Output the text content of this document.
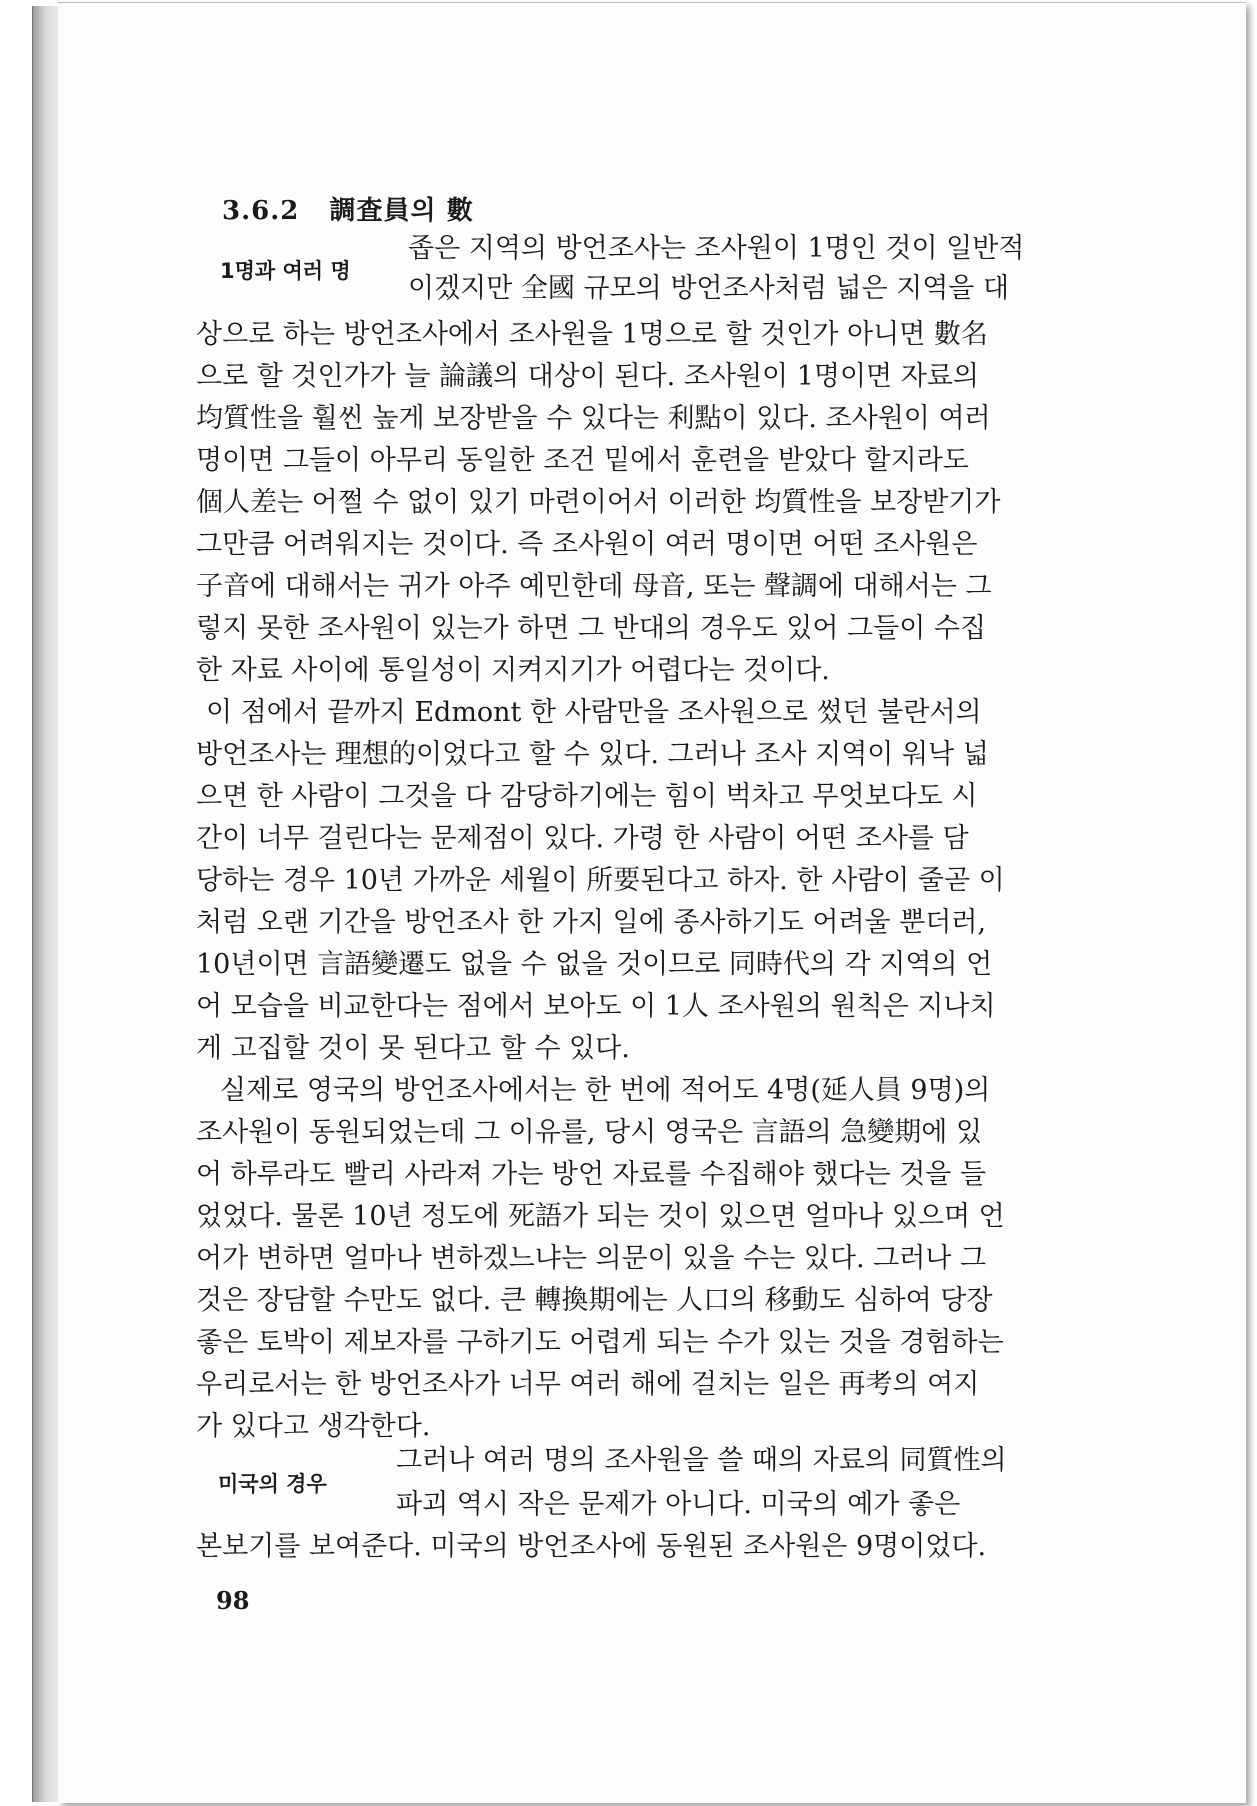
3.6.2 調査員의 數
1명과 여러 명
미국의 경우
좁은 지역의 방언조사는 조사원이 1명인 것이 일반적
이겠지만 全國 규모의 방언조사처럼 넓은 지역을 대
상으로 하는 방언조사에서 조사원을 1명으로 할 것인가 아니면 數名
으로 할 것인가가 늘 論議의 대상이 된다. 조사원이 1명이면 자료의
均質性을 훨씬 높게 보장받을 수 있다는 利點이 있다. 조사원이 여러
명이면 그들이 아무리 동일한 조건 밑에서 훈련을 받았다 할지라도
個人差는 어쩔 수 없이 있기 마련이어서 이러한 均質性을 보장받기가
그만큼 어려워지는 것이다. 즉 조사원이 여러 명이면 어떤 조사원은
子音에 대해서는 귀가 아주 예민한데 母音, 또는 聲調에 대해서는 그
렇지 못한 조사원이 있는가 하면 그 반대의 경우도 있어 그들이 수집
한 자료 사이에 통일성이 지켜지기가 어렵다는 것이다.
이 점에서 끝까지 Edmont 한 사람만을 조사원으로 썼던 불란서의
방언조사는 理想的이었다고 할 수 있다. 그러나 조사 지역이 워낙 넓
으면 한 사람이 그것을 다 감당하기에는 힘이 벅차고 무엇보다도 시
간이 너무 걸린다는 문제점이 있다. 가령 한 사람이 어떤 조사를 담
당하는 경우 10년 가까운 세월이 所要된다고 하자. 한 사람이 줄곧 이
처럼 오랜 기간을 방언조사 한 가지 일에 종사하기도 어려울 뿐더러,
10년이면 言語變遷도 없을 수 없을 것이므로 同時代의 각 지역의 언
어 모습을 비교한다는 점에서 보아도 이 1人 조사원의 원칙은 지나치
게 고집할 것이 못 된다고 할 수 있다.
실제로 영국의 방언조사에서는 한 번에 적어도 4명(延人員 9명)의
조사원이 동원되었는데 그 이유를, 당시 영국은 言語의 急變期에 있
어 하루라도 빨리 사라져 가는 방언 자료를 수집해야 했다는 것을 들
었었다. 물론 10년 정도에 死語가 되는 것이 있으면 얼마나 있으며 언
어가 변하면 얼마나 변하겠느냐는 의문이 있을 수는 있다. 그러나 그
것은 장담할 수만도 없다. 큰 轉換期에는 人口의 移動도 심하여 당장
좋은 토박이 제보자를 구하기도 어렵게 되는 수가 있는 것을 경험하는
우리로서는 한 방언조사가 너무 여러 해에 걸치는 일은 再考의 여지
가 있다고 생각한다.
그러나 여러 명의 조사원을 쓸 때의 자료의 同質性의
파괴 역시 작은 문제가 아니다. 미국의 예가 좋은
본보기를 보여준다. 미국의 방언조사에 동원된 조사원은 9명이었다.
98
